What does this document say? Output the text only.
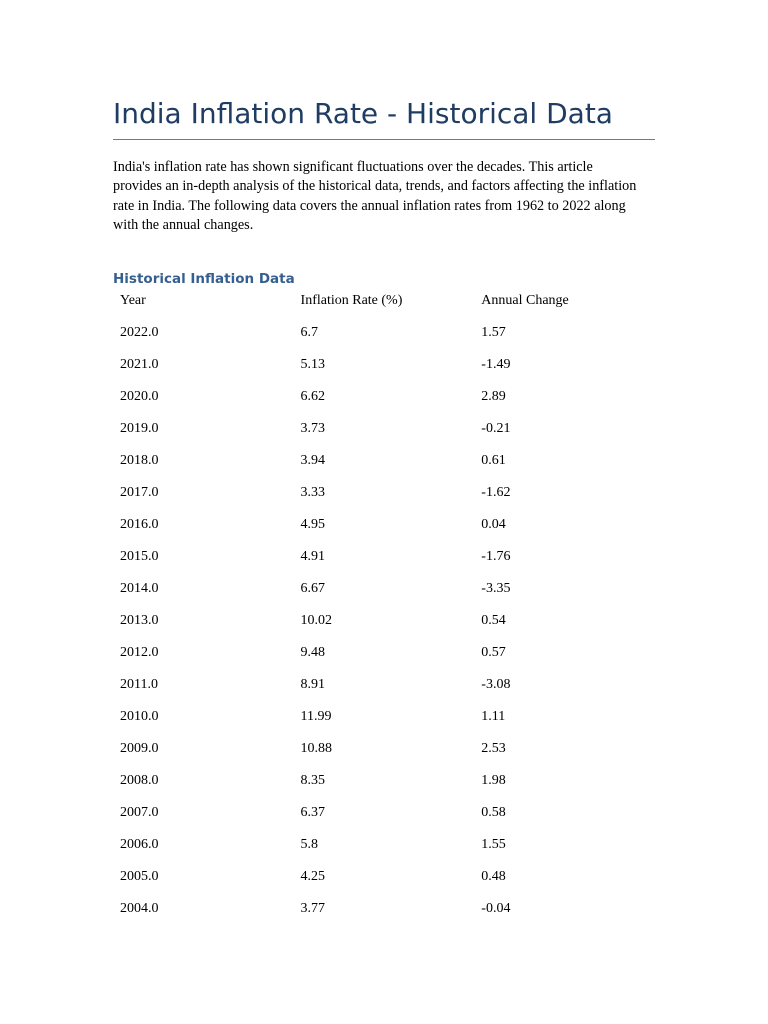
India Inflation Rate - Historical Data

India's inflation rate has shown significant fluctuations over the decades. This article provides an in-depth analysis of the historical data, trends, and factors affecting the inflation rate in India. The following data covers the annual inflation rates from 1962 to 2022 along with the annual changes.

Historical Inflation Data
Year	Inflation Rate (%)	Annual Change
2022.0	6.7	1.57
2021.0	5.13	-1.49
2020.0	6.62	2.89
2019.0	3.73	-0.21
2018.0	3.94	0.61
2017.0	3.33	-1.62
2016.0	4.95	0.04
2015.0	4.91	-1.76
2014.0	6.67	-3.35
2013.0	10.02	0.54
2012.0	9.48	0.57
2011.0	8.91	-3.08
2010.0	11.99	1.11
2009.0	10.88	2.53
2008.0	8.35	1.98
2007.0	6.37	0.58
2006.0	5.8	1.55
2005.0	4.25	0.48
2004.0	3.77	-0.04
